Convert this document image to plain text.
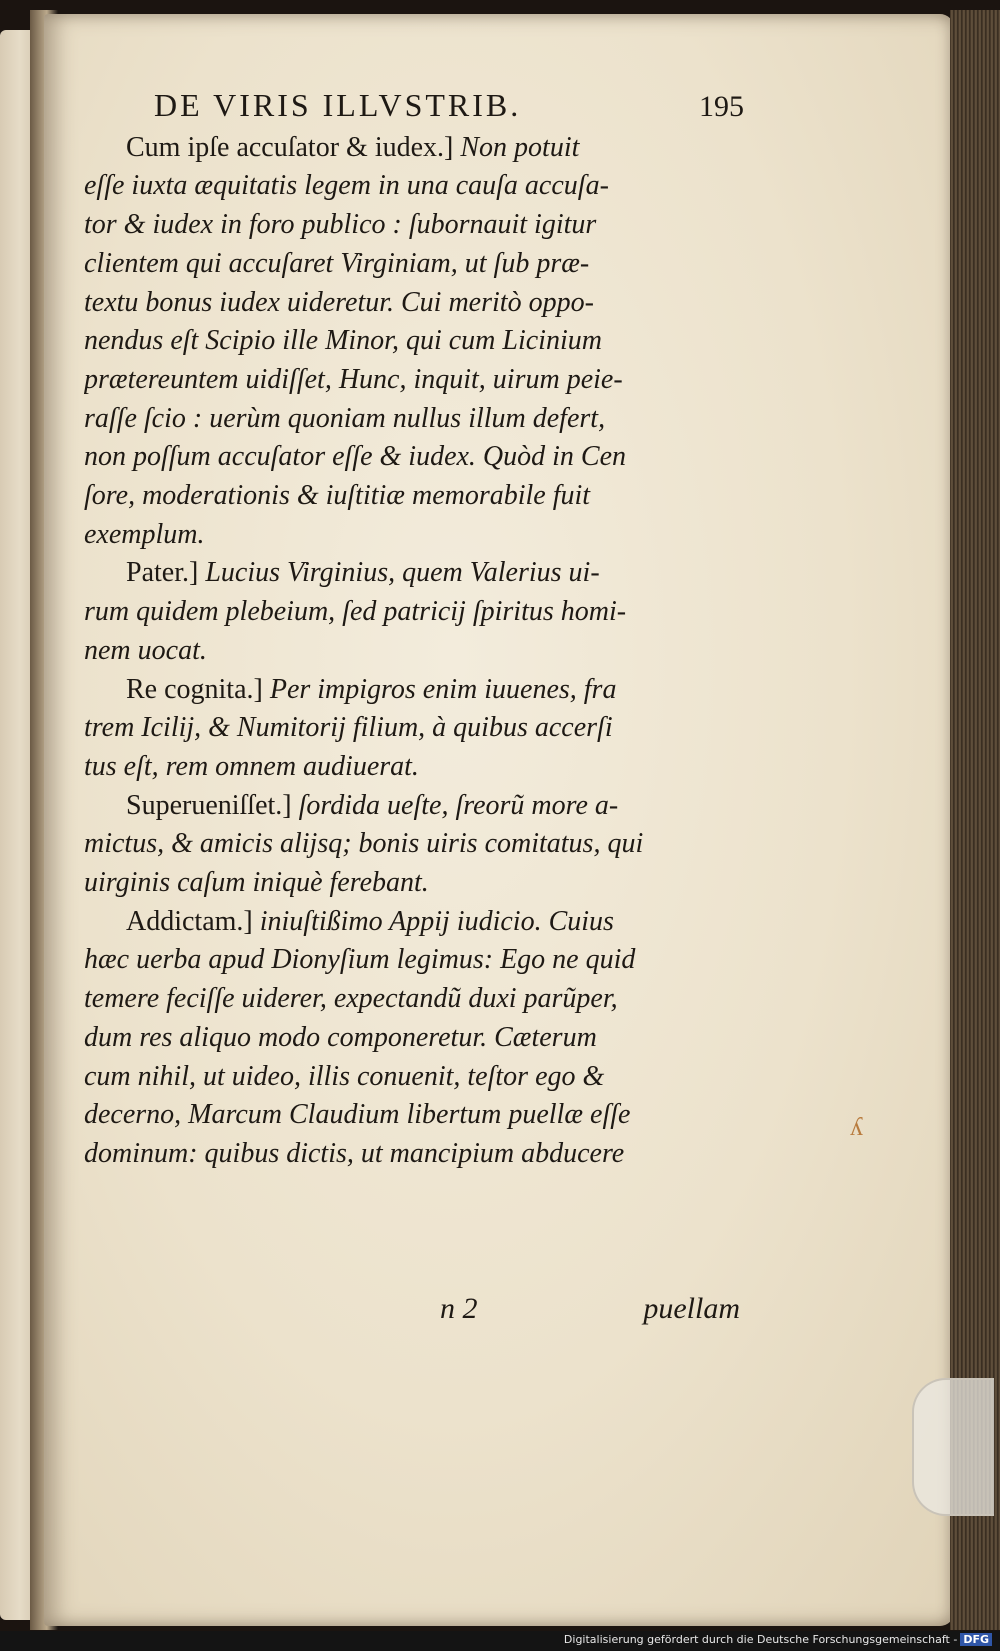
ʎ
DE VIRIS ILLVSTRIB.	195

Cum ipſe accuſator & iudex.] Non potuit
eſſe iuxta æquitatis legem in una cauſa accuſa-
tor & iudex in foro publico : ſubornauit igitur
clientem qui accuſaret Virginiam, ut ſub præ-
textu bonus iudex uideretur. Cui meritò oppo-
nendus eſt Scipio ille Minor, qui cum Licinium
prætereuntem uidiſſet, Hunc, inquit, uirum peie-
raſſe ſcio : uerùm quoniam nullus illum defert,
non poſſum accuſator eſſe & iudex. Quòd in Cen
ſore, moderationis & iuſtitiæ memorabile fuit
exemplum.

Pater.] Lucius Virginius, quem Valerius ui-
rum quidem plebeium, ſed patricij ſpiritus homi-
nem uocat.

Re cognita.] Per impigros enim iuuenes, fra
trem Icilij, & Numitorij filium, à quibus accerſi
tus eſt, rem omnem audiuerat.

Superueniſſet.] ſordida ueſte, ſreorũ more a-
mictus, & amicis alijsq; bonis uiris comitatus, qui
uirginis caſum iniquè ferebant.

Addictam.] iniuſtißimo Appij iudicio. Cuius
hæc uerba apud Dionyſium legimus: Ego ne quid
temere feciſſe uiderer, expectandũ duxi parũper,
dum res aliquo modo componeretur. Cæterum
cum nihil, ut uideo, illis conuenit, teſtor ego &
decerno, Marcum Claudium libertum puellæ eſſe
dominum: quibus dictis, ut mancipium abducere

n 2	puellam
Digitalisierung gefördert durch die Deutsche Forschungsgemeinschaft - DFG
